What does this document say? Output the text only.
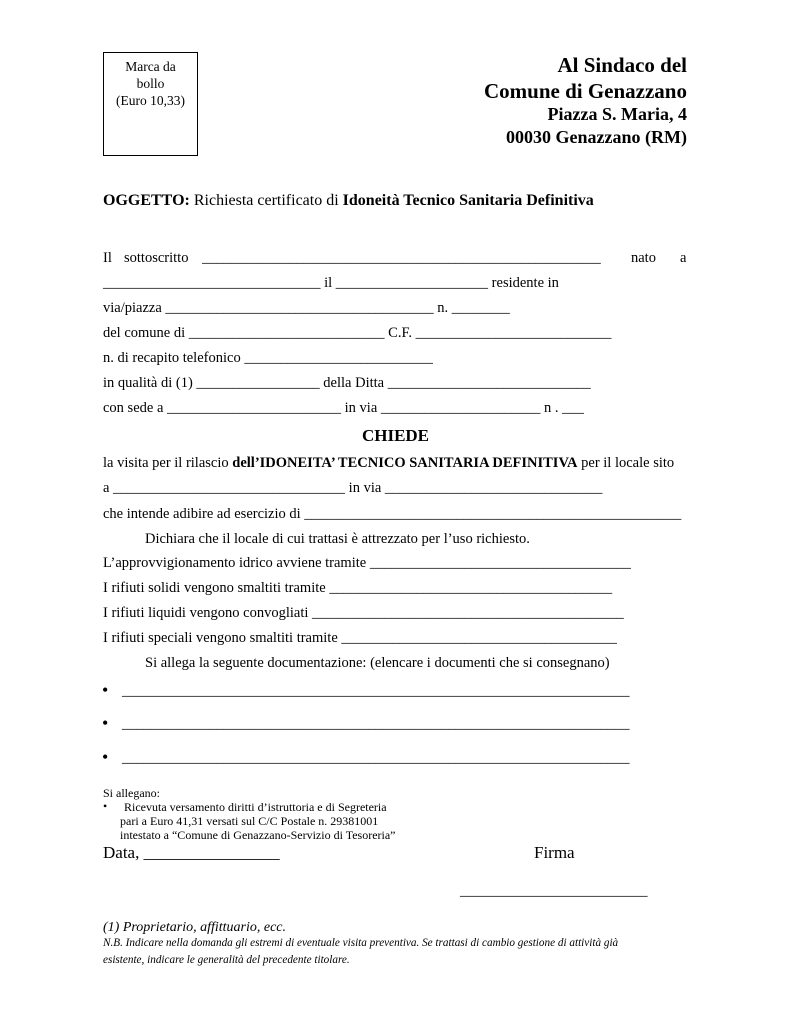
Marca da
bollo
(Euro 10,33)
Al Sindaco del
Comune di Genazzano
Piazza S. Maria, 4
00030 Genazzano (RM)
OGGETTO: Richiesta certificato di Idoneità Tecnico Sanitaria Definitiva
Il sottoscritto _______________________________________________________ nato a
______________________________ il _____________________ residente in
via/piazza _____________________________________ n. ________
del comune di ___________________________ C.F. ___________________________
n. di recapito telefonico __________________________
in qualità di (1) _________________ della Ditta ____________________________
con sede a ________________________ in via ______________________ n . ___
CHIEDE
la visita per il rilascio dell’IDONEITA’ TECNICO SANITARIA DEFINITIVA per il locale sito
a ________________________________ in via ______________________________
che intende adibire ad esercizio di ____________________________________________________
Dichiara che il locale di cui trattasi è attrezzato per l’uso richiesto.
L’approvvigionamento idrico avviene tramite ____________________________________
I rifiuti solidi vengono smaltiti tramite _______________________________________
I rifiuti liquidi vengono convogliati ___________________________________________
I rifiuti speciali vengono smaltiti tramite ______________________________________
Si allega la seguente documentazione: (elencare i documenti che si consegnano)
• ______________________________________________________________________
• ______________________________________________________________________
• ______________________________________________________________________
Si allegano:
• Ricevuta versamento diritti d’istruttoria e di Segreteria
pari a Euro 41,31 versati sul C/C Postale n. 29381001
intestato a “Comune di Genazzano-Servizio di Tesoreria”
Data, ________________	Firma
_________________________
(1) Proprietario, affittuario, ecc.
N.B. Indicare nella domanda gli estremi di eventuale visita preventiva. Se trattasi di cambio gestione di attività già
esistente, indicare le generalità del precedente titolare.
